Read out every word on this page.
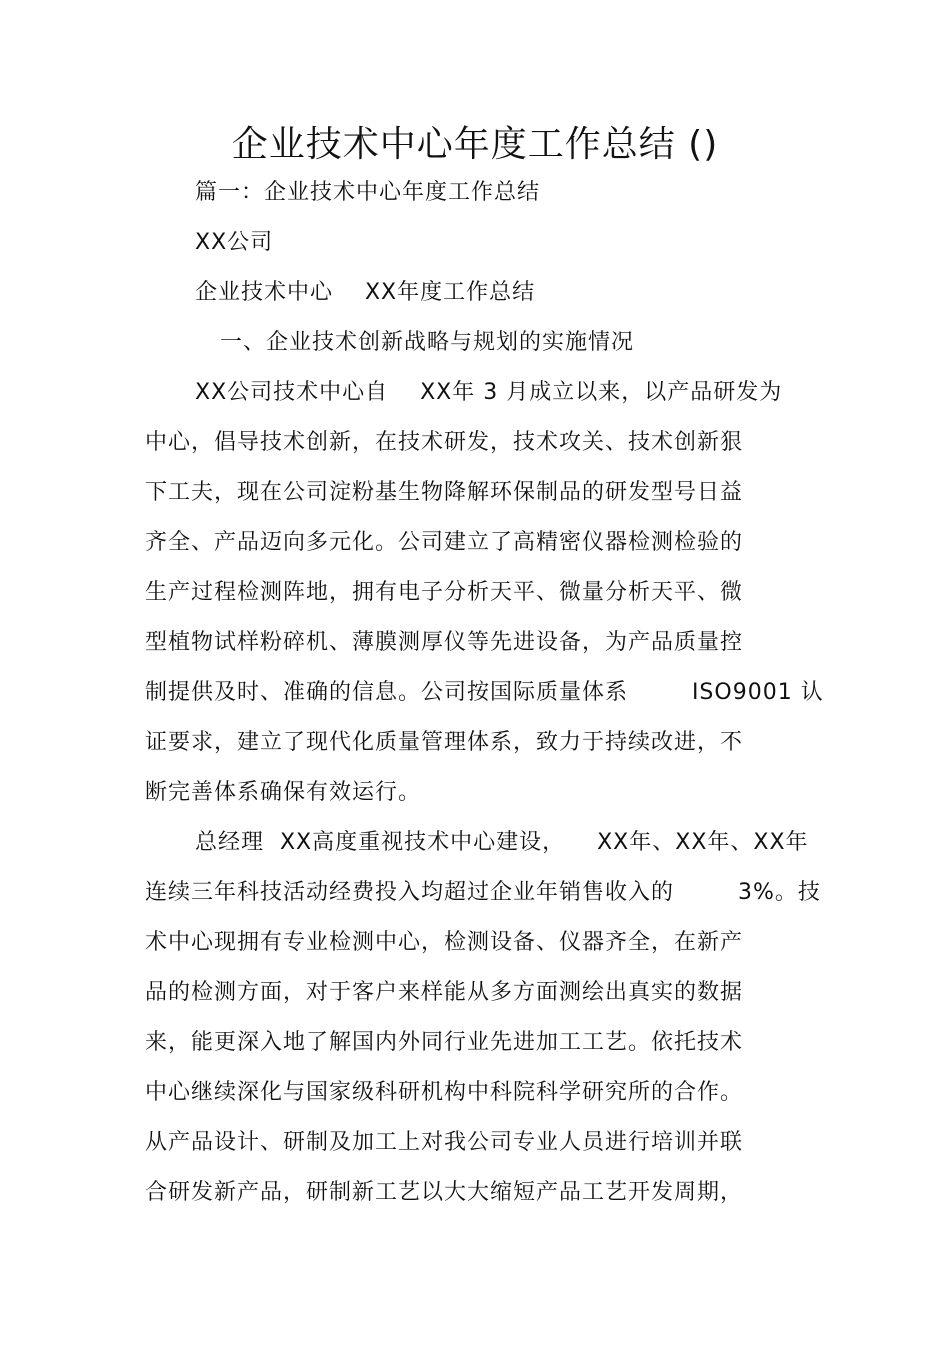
企业技术中心年度工作总结 ()
篇一：企业技术中心年度工作总结
XX公司
企业技术中心    XX年度工作总结
一、企业技术创新战略与规划的实施情况
XX公司技术中心自    XX年 3 月成立以来，以产品研发为
中心，倡导技术创新，在技术研发，技术攻关、技术创新狠
下工夫，现在公司淀粉基生物降解环保制品的研发型号日益
齐全、产品迈向多元化。公司建立了高精密仪器检测检验的
生产过程检测阵地，拥有电子分析天平、微量分析天平、微
型植物试样粉碎机、薄膜测厚仪等先进设备，为产品质量控
制提供及时、准确的信息。公司按国际质量体系        ISO9001 认
证要求，建立了现代化质量管理体系，致力于持续改进，不
断完善体系确保有效运行。
总经理  XX高度重视技术中心建设，    XX年、XX年、XX年
连续三年科技活动经费投入均超过企业年销售收入的        3%。技
术中心现拥有专业检测中心，检测设备、仪器齐全，在新产
品的检测方面，对于客户来样能从多方面测绘出真实的数据
来，能更深入地了解国内外同行业先进加工工艺。依托技术
中心继续深化与国家级科研机构中科院科学研究所的合作。
从产品设计、研制及加工上对我公司专业人员进行培训并联
合研发新产品，研制新工艺以大大缩短产品工艺开发周期，
